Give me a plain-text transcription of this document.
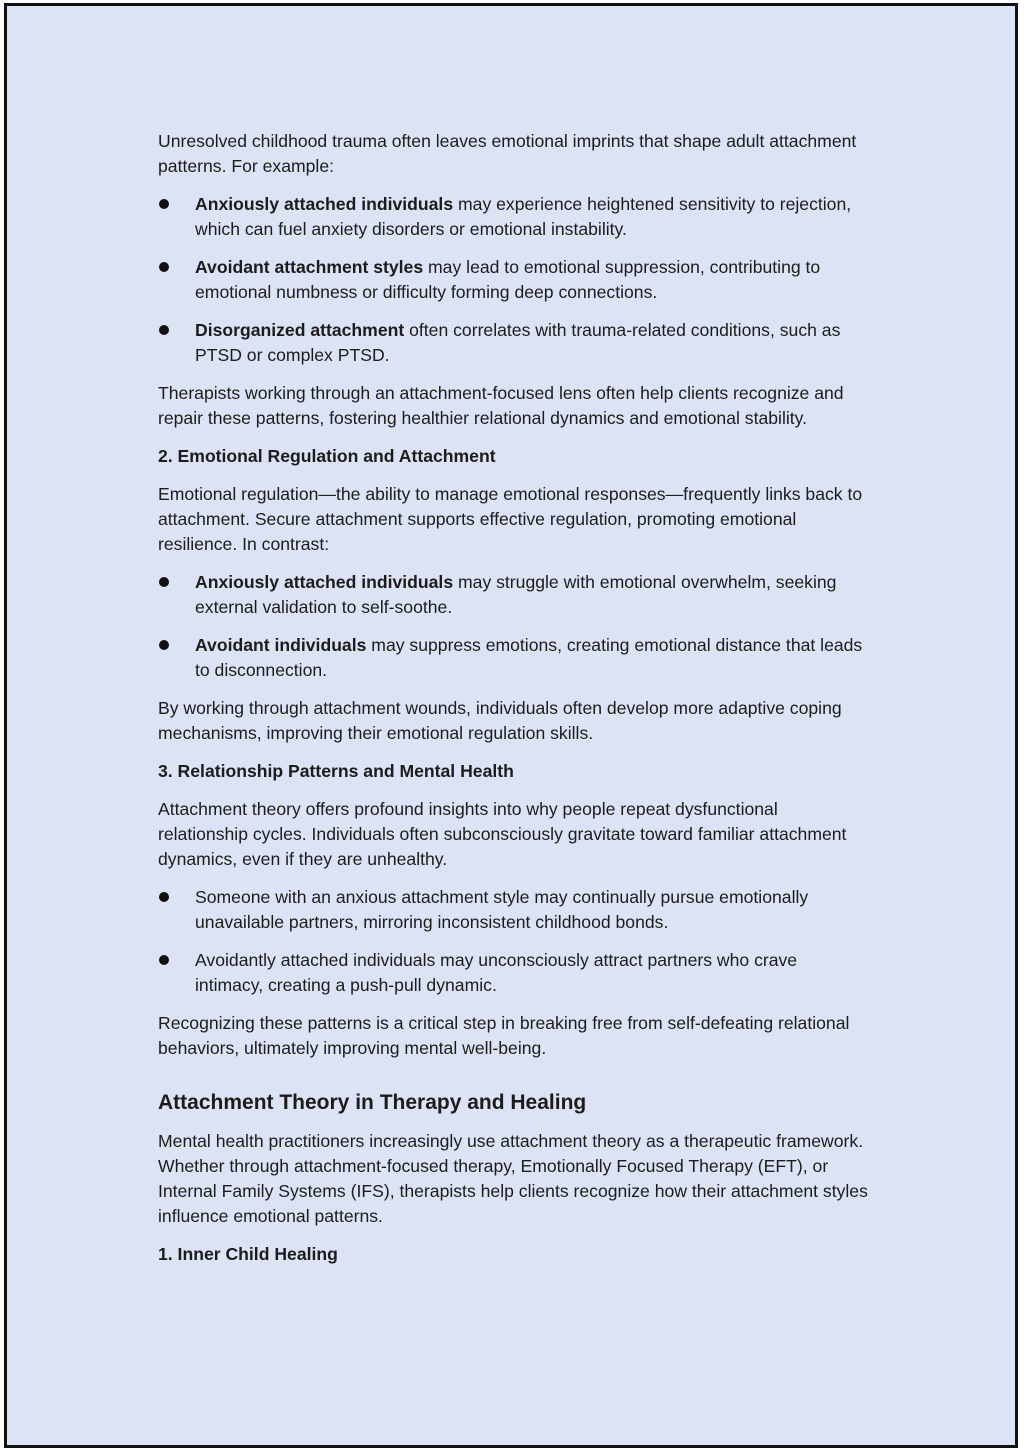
Unresolved childhood trauma often leaves emotional imprints that shape adult attachment patterns. For example:

Anxiously attached individuals may experience heightened sensitivity to rejection, which can fuel anxiety disorders or emotional instability.
Avoidant attachment styles may lead to emotional suppression, contributing to emotional numbness or difficulty forming deep connections.
Disorganized attachment often correlates with trauma-related conditions, such as PTSD or complex PTSD.

Therapists working through an attachment-focused lens often help clients recognize and repair these patterns, fostering healthier relational dynamics and emotional stability.

2. Emotional Regulation and Attachment

Emotional regulation—the ability to manage emotional responses—frequently links back to attachment. Secure attachment supports effective regulation, promoting emotional resilience. In contrast:

Anxiously attached individuals may struggle with emotional overwhelm, seeking external validation to self-soothe.
Avoidant individuals may suppress emotions, creating emotional distance that leads to disconnection.

By working through attachment wounds, individuals often develop more adaptive coping mechanisms, improving their emotional regulation skills.

3. Relationship Patterns and Mental Health

Attachment theory offers profound insights into why people repeat dysfunctional relationship cycles. Individuals often subconsciously gravitate toward familiar attachment dynamics, even if they are unhealthy.

Someone with an anxious attachment style may continually pursue emotionally unavailable partners, mirroring inconsistent childhood bonds.
Avoidantly attached individuals may unconsciously attract partners who crave intimacy, creating a push-pull dynamic.

Recognizing these patterns is a critical step in breaking free from self-defeating relational behaviors, ultimately improving mental well-being.

Attachment Theory in Therapy and Healing

Mental health practitioners increasingly use attachment theory as a therapeutic framework. Whether through attachment-focused therapy, Emotionally Focused Therapy (EFT), or Internal Family Systems (IFS), therapists help clients recognize how their attachment styles influence emotional patterns.

1. Inner Child Healing
